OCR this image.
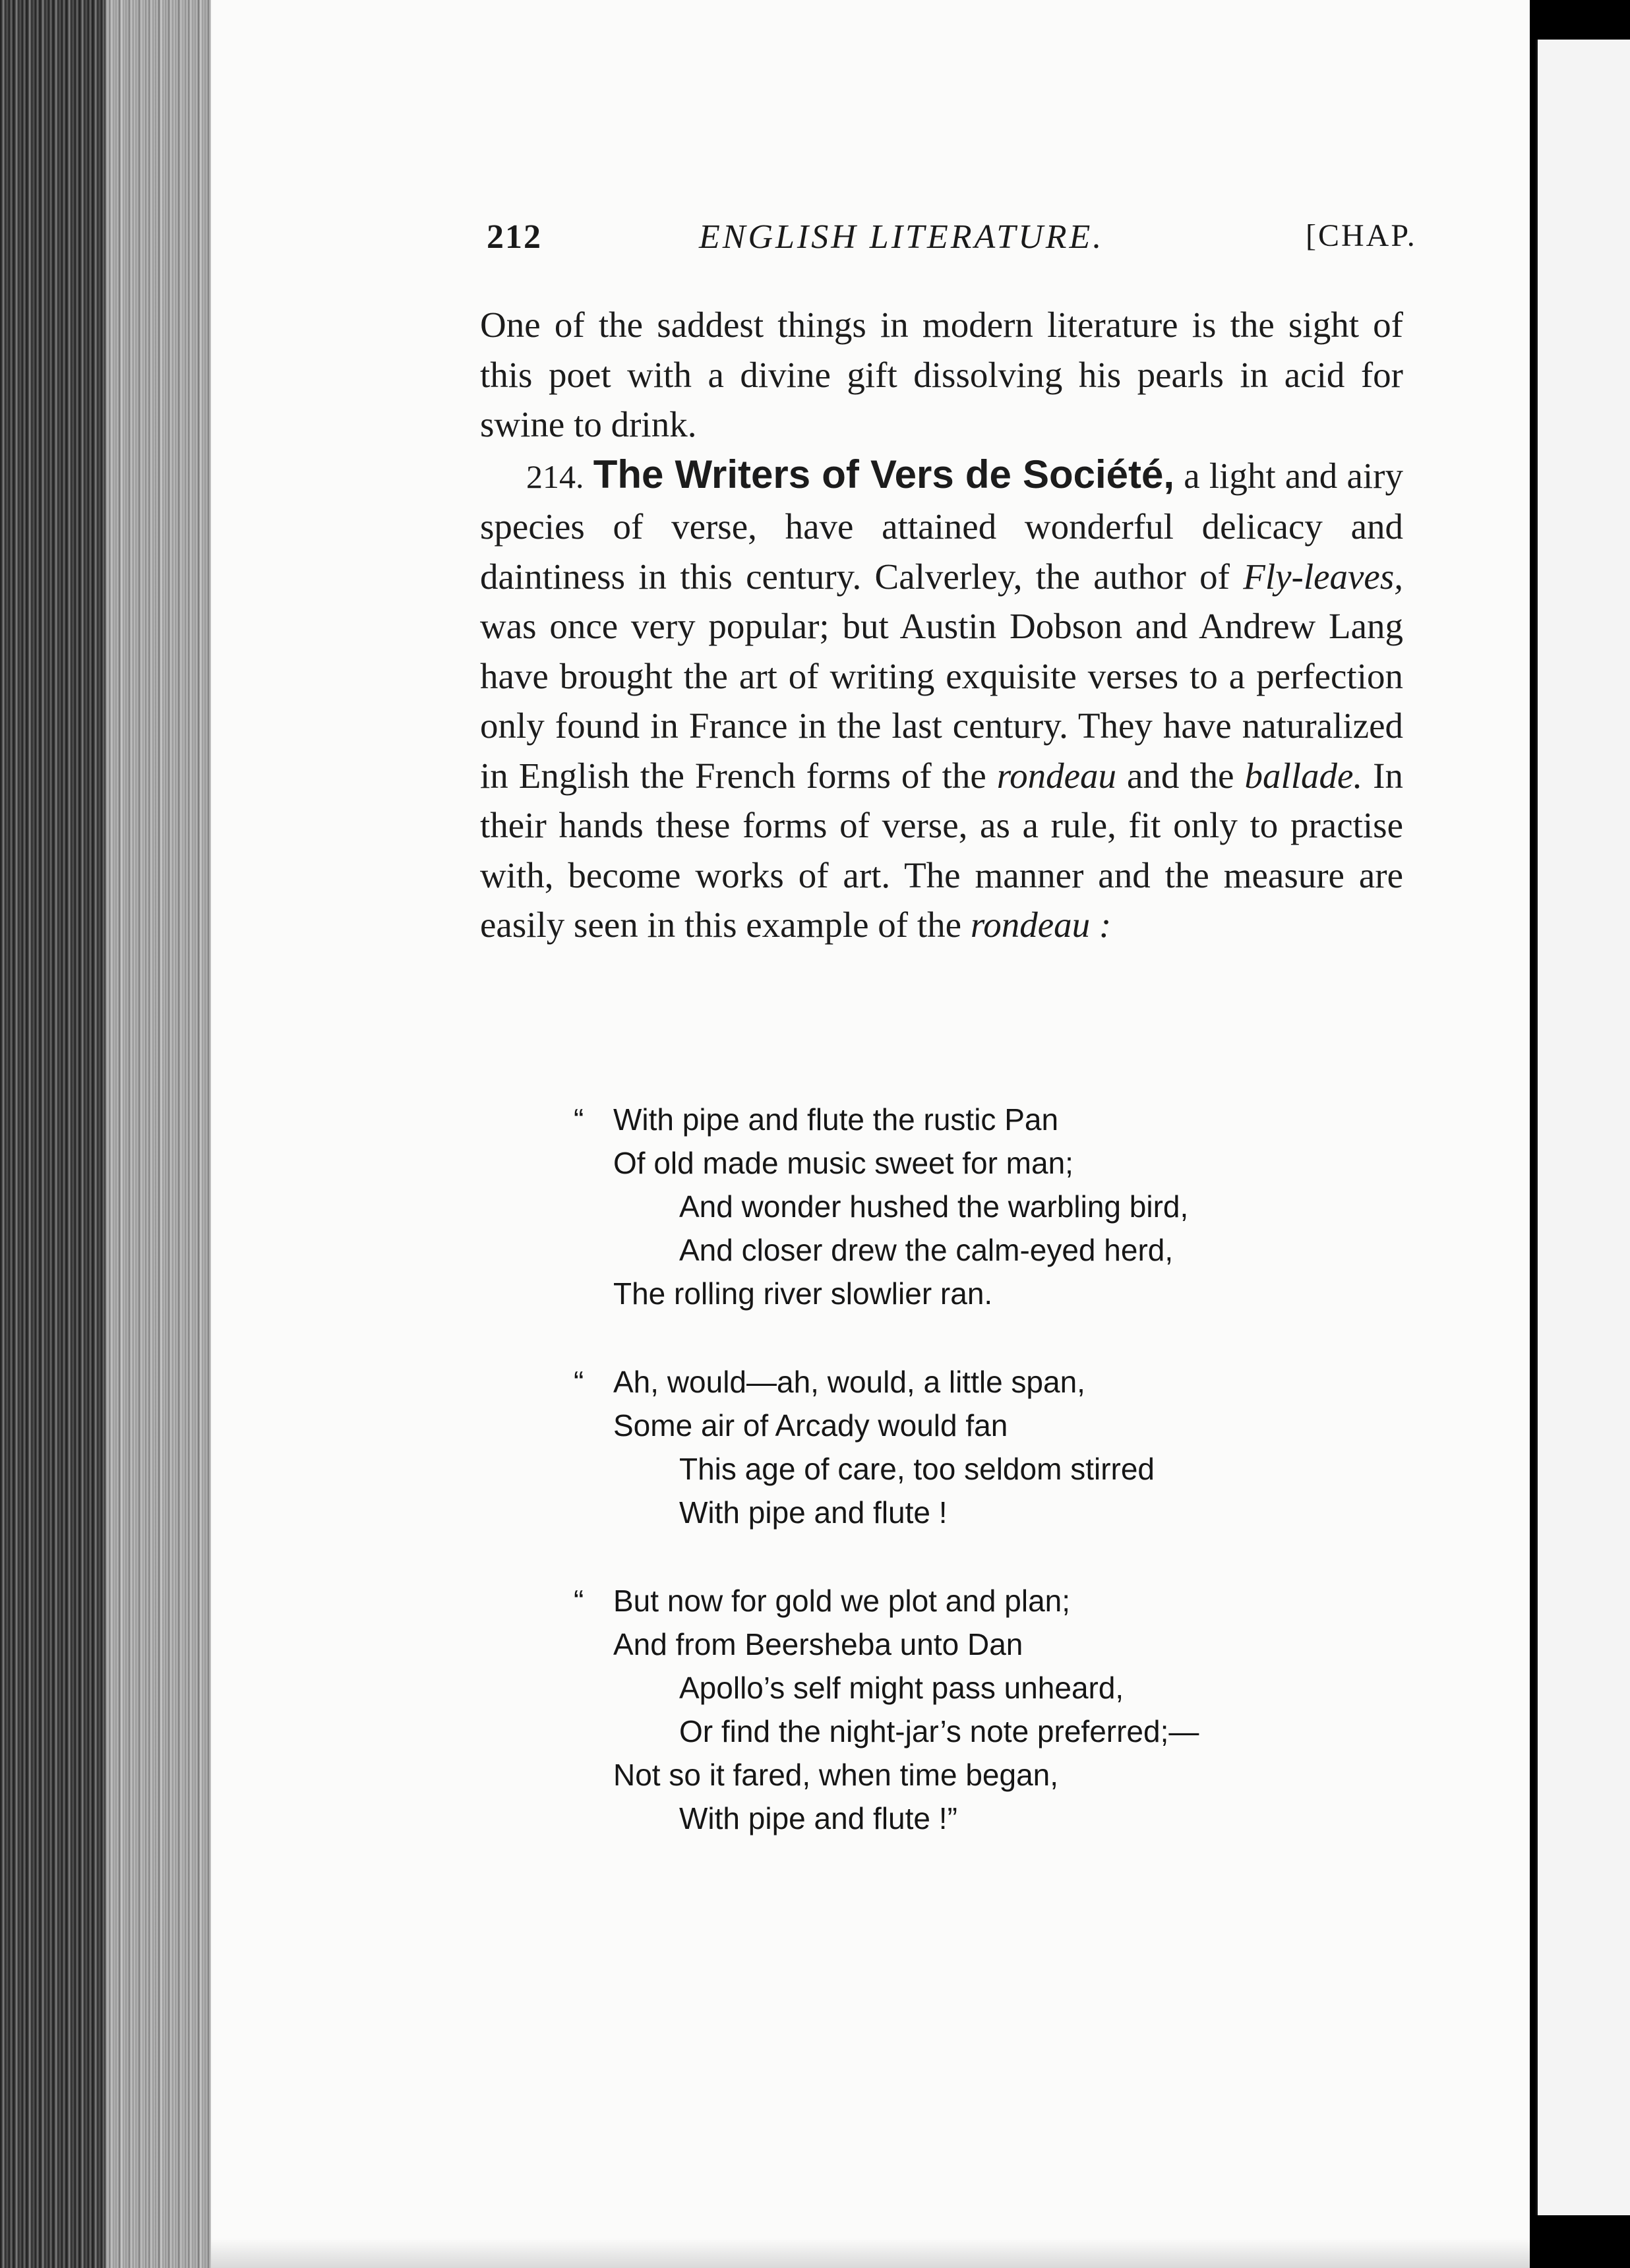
212	ENGLISH LITERATURE.	[CHAP.

One of the saddest things in modern literature is the sight of this poet with a divine gift dissolving his pearls in acid for swine to drink.

214. The Writers of Vers de Société, a light and airy species of verse, have attained wonderful delicacy and daintiness in this century. Calverley, the author of Fly-leaves, was once very popular; but Austin Dobson and Andrew Lang have brought the art of writing exquisite verses to a perfection only found in France in the last century. They have naturalized in English the French forms of the rondeau and the ballade. In their hands these forms of verse, as a rule, fit only to practise with, become works of art. The manner and the measure are easily seen in this example of the rondeau :

“ With pipe and flute the rustic Pan
Of old made music sweet for man;
And wonder hushed the warbling bird,
And closer drew the calm-eyed herd,
The rolling river slowlier ran.
“ Ah, would—ah, would, a little span,
Some air of Arcady would fan
This age of care, too seldom stirred
With pipe and flute !
“ But now for gold we plot and plan;
And from Beersheba unto Dan
Apollo’s self might pass unheard,
Or find the night-jar’s note preferred;—
Not so it fared, when time began,
With pipe and flute !”
